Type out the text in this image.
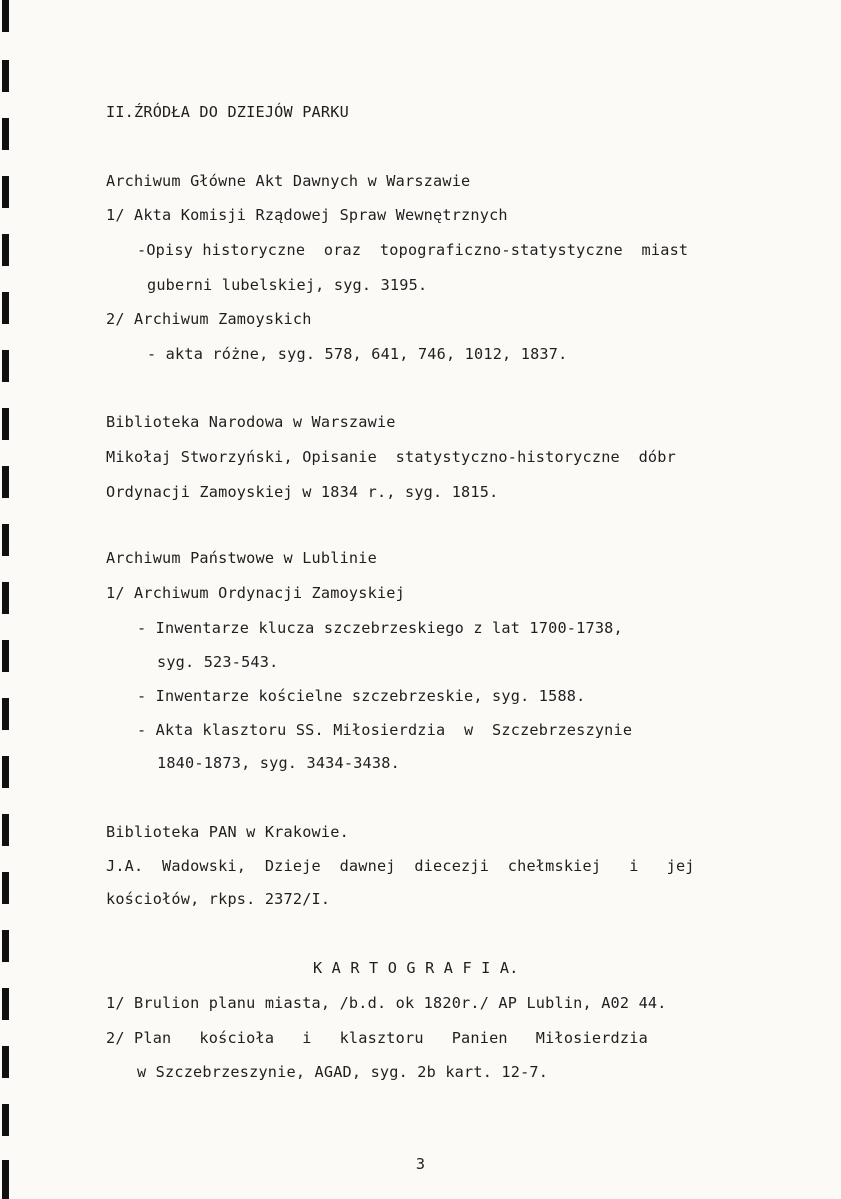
II.ŹRÓDŁA DO DZIEJÓW PARKU
Archiwum Główne Akt Dawnych w Warszawie
1/ Akta Komisji Rządowej Spraw Wewnętrznych
-Opisy historyczne  oraz  topograficzno-statystyczne  miast
guberni lubelskiej, syg. 3195.
2/ Archiwum Zamoyskich
- akta różne, syg. 578, 641, 746, 1012, 1837.
Biblioteka Narodowa w Warszawie
Mikołaj Stworzyński, Opisanie  statystyczno-historyczne  dóbr
Ordynacji Zamoyskiej w 1834 r., syg. 1815.
Archiwum Państwowe w Lublinie
1/ Archiwum Ordynacji Zamoyskiej
- Inwentarze klucza szczebrzeskiego z lat 1700-1738,
syg. 523-543.
- Inwentarze kościelne szczebrzeskie, syg. 1588.
- Akta klasztoru SS. Miłosierdzia  w  Szczebrzeszynie
1840-1873, syg. 3434-3438.
Biblioteka PAN w Krakowie.
J.A.  Wadowski,  Dzieje  dawnej  diecezji  chełmskiej   i   jej
kościołów, rkps. 2372/I.
K A R T O G R A F I A.
1/ Brulion planu miasta, /b.d. ok 1820r./ AP Lublin, A02 44.
2/ Plan   kościoła   i   klasztoru   Panien   Miłosierdzia
w Szczebrzeszynie, AGAD, syg. 2b kart. 12-7.
3
